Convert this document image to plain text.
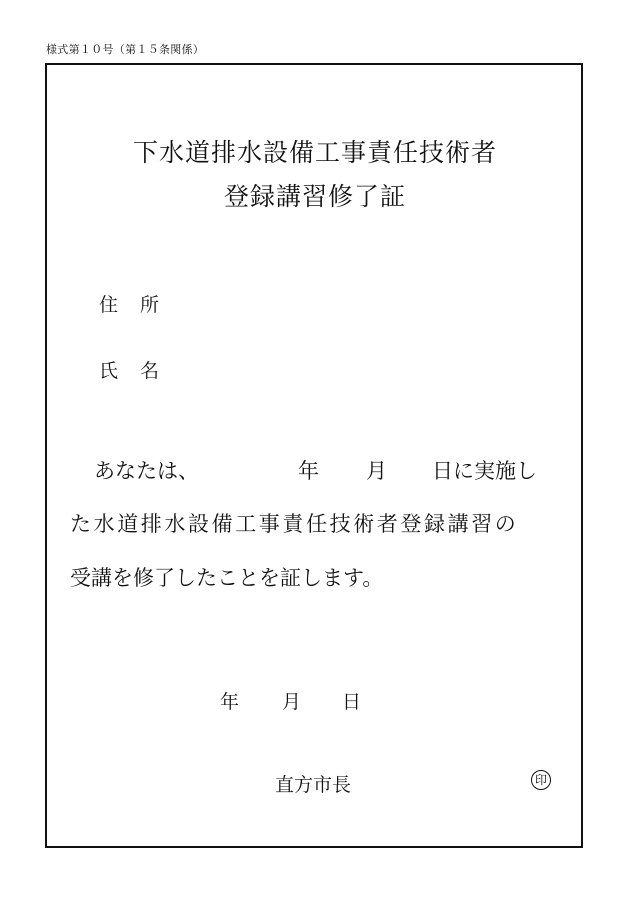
様式第１０号（第１５条関係）
下水道排水設備工事責任技術者
登録講習修了証
住 所
氏 名
あなたは、	年 月 日に実施し
た水道排水設備工事責任技術者登録講習の
受講を修了したことを証します。
年 月 日
直方市長	印
